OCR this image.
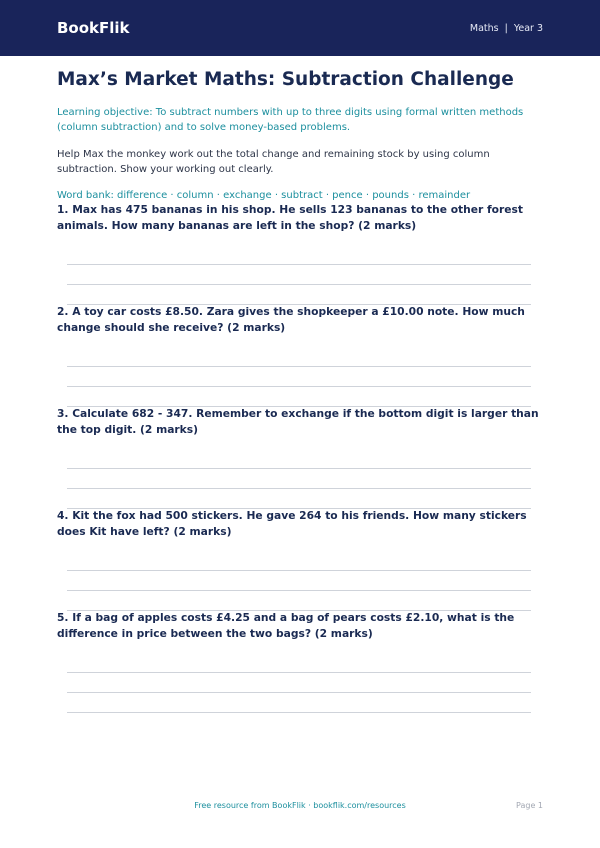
BookFlik	Maths | Year 3
Max’s Market Maths: Subtraction Challenge

Learning objective: To subtract numbers with up to three digits using formal written methods (column subtraction) and to solve money-based problems.

Help Max the monkey work out the total change and remaining stock by using column subtraction. Show your working out clearly.

Word bank: difference · column · exchange · subtract · pence · pounds · remainder

1. Max has 475 bananas in his shop. He sells 123 bananas to the other forest animals. How many bananas are left in the shop? (2 marks)

2. A toy car costs £8.50. Zara gives the shopkeeper a £10.00 note. How much change should she receive? (2 marks)

3. Calculate 682 - 347. Remember to exchange if the bottom digit is larger than the top digit. (2 marks)

4. Kit the fox had 500 stickers. He gave 264 to his friends. How many stickers does Kit have left? (2 marks)

5. If a bag of apples costs £4.25 and a bag of pears costs £2.10, what is the difference in price between the two bags? (2 marks)

Free resource from BookFlik · bookflik.com/resources	Page 1
